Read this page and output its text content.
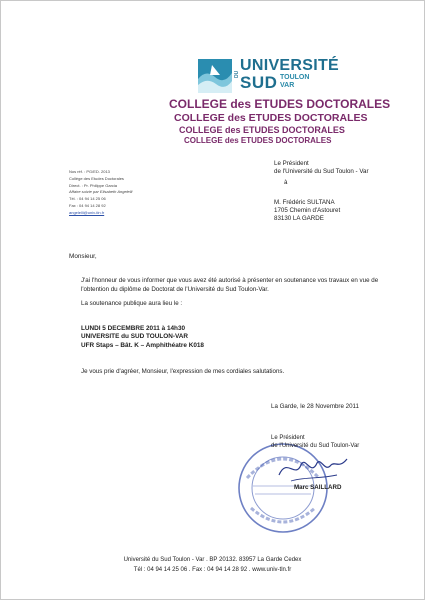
DU
UNIVERSITÉ
SUD TOULON
VAR
COLLEGE des ETUDES DOCTORALES
COLLEGE des ETUDES DOCTORALES
COLLEGE des ETUDES DOCTORALES
COLLEGE des ETUDES DOCTORALES
Nos réf. : PG/ED. 2013
Collège des Etudes Doctorales
Direct. : Pr. Philippe Garcia
Affaire suivie par Elisabeth Angelelli
Tél. : 04 94 14 25 06
Fax : 04 94 14 28 92
angelelli@univ-tln.fr
Le Président
de l'Université du Sud Toulon - Var
à
M. Frédéric SULTANA
1705 Chemin d'Astouret
83130 LA GARDE
Monsieur,
J'ai l'honneur de vous informer que vous avez été autorisé à présenter en soutenance vos travaux en vue de l'obtention du diplôme de Doctorat de l'Université du Sud Toulon-Var.
La soutenance publique aura lieu le :
LUNDI 5 DECEMBRE 2011 à 14h30
UNIVERSITE du SUD TOULON-VAR
UFR Staps – Bât. K – Amphithéatre K018
Je vous prie d'agréer, Monsieur, l'expression de mes cordiales salutations.
La Garde, le 28 Novembre 2011
Le Président
de l'Université du Sud Toulon-Var
Marc SAILLARD
Université du Sud Toulon - Var . BP 20132. 83957 La Garde Cedex
Tél : 04 94 14 25 06 . Fax : 04 94 14 28 92 . www.univ-tln.fr
